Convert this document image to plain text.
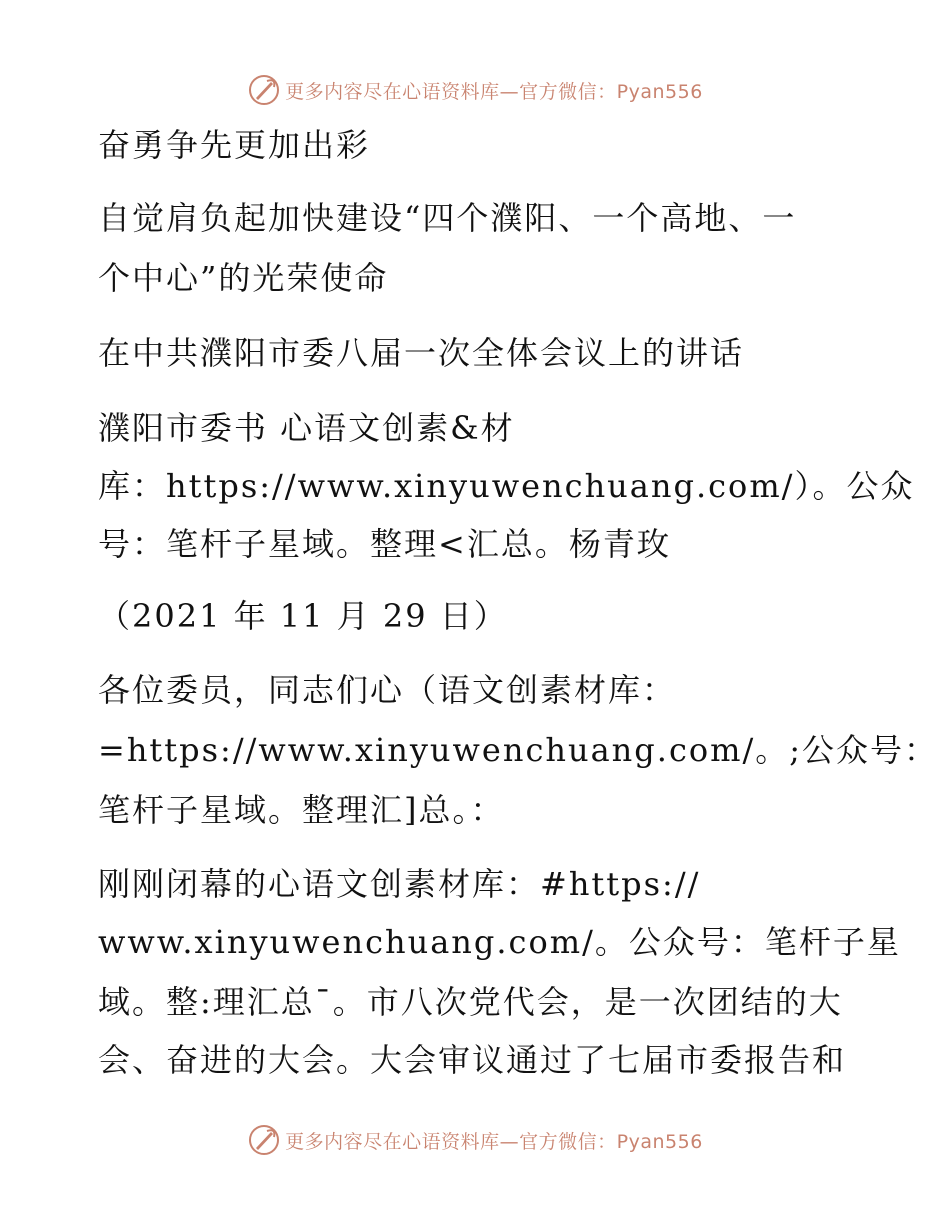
更多内容尽在心语资料库—官方微信：Pyan556
奋勇争先更加出彩
自觉肩负起加快建设“四个濮阳、一个高地、一
个中心”的光荣使命
在中共濮阳市委八届一次全体会议上的讲话
濮阳市委书 心语文创素&材
库：https://www.xinyuwenchuang.com/）。公众
号：笔杆子星域。整理<汇总。杨青玫
（2021 年 11 月 29 日）
各位委员，同志们心（语文创素材库：
=https://www.xinyuwenchuang.com/。;公众号：
笔杆子星域。整理汇]总。：
刚刚闭幕的心语文创素材库：#https://
www.xinyuwenchuang.com/。公众号：笔杆子星
域。整:理汇总¯。市八次党代会，是一次团结的大
会、奋进的大会。大会审议通过了七届市委报告和
更多内容尽在心语资料库—官方微信：Pyan556
